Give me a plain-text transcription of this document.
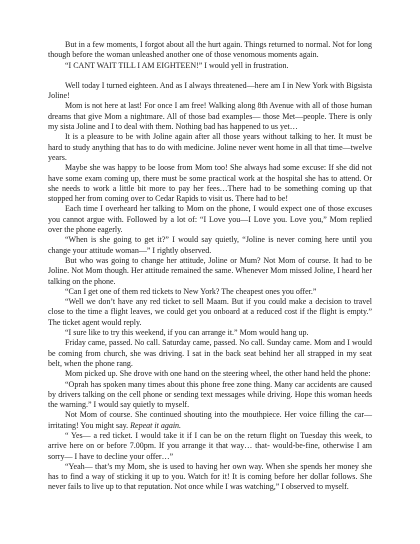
But in a few moments, I forgot about all the hurt again. Things returned to normal. Not for long though before the woman unleashed another one of those venomous moments again.

“I CANT WAIT TILL I AM EIGHTEEN!” I would yell in frustration.

Well today I turned eighteen. And as I always threatened—here am I in New York with Bigsista Joline!

Mom is not here at last! For once I am free! Walking along 8th Avenue with all of those human dreams that give Mom a nightmare. All of those bad examples— those Met—people. There is only my sista Joline and I to deal with them. Nothing bad has happened to us yet…

It is a pleasure to be with Joline again after all those years without talking to her. It must be hard to study anything that has to do with medicine. Joline never went home in all that time—twelve years.

Maybe she was happy to be loose from Mom too! She always had some excuse: If she did not have some exam coming up, there must be some practical work at the hospital she has to attend. Or she needs to work a little bit more to pay her fees…There had to be something coming up that stopped her from coming over to Cedar Rapids to visit us. There had to be!

Each time I overheard her talking to Mom on the phone, I would expect one of those excuses you cannot argue with. Followed by a lot of: “I Love you—I Love you. Love you,” Mom replied over the phone eagerly.

“When is she going to get it?” I would say quietly, “Joline is never coming here until you change your attitude woman—” I rightly observed.

But who was going to change her attitude, Joline or Mum? Not Mom of course. It had to be Joline. Not Mom though. Her attitude remained the same. Whenever Mom missed Joline, I heard her talking on the phone.

“Can I get one of them red tickets to New York? The cheapest ones you offer.”

“Well we don’t have any red ticket to sell Maam. But if you could make a decision to travel close to the time a flight leaves, we could get you onboard at a reduced cost if the flight is empty.” The ticket agent would reply.

“I sure like to try this weekend, if you can arrange it.” Mom would hang up.

Friday came, passed. No call. Saturday came, passed. No call. Sunday came. Mom and I would be coming from church, she was driving. I sat in the back seat behind her all strapped in my seat belt, when the phone rang.

Mom picked up. She drove with one hand on the steering wheel, the other hand held the phone:

“Oprah has spoken many times about this phone free zone thing. Many car accidents are caused by drivers talking on the cell phone or sending text messages while driving. Hope this woman heeds the warning.” I would say quietly to myself.

Not Mom of course. She continued shouting into the mouthpiece. Her voice filling the car—irritating! You might say. Repeat it again.

“ Yes— a red ticket. I would take it if I can be on the return flight on Tuesday this week, to arrive here on or before 7.00pm. If you arrange it that way… that- would-be-fine, otherwise I am sorry— I have to decline your offer…”

“Yeah— that’s my Mom, she is used to having her own way. When she spends her money she has to find a way of sticking it up to you. Watch for it! It is coming before her dollar follows. She never fails to live up to that reputation. Not once while I was watching,” I observed to myself.
